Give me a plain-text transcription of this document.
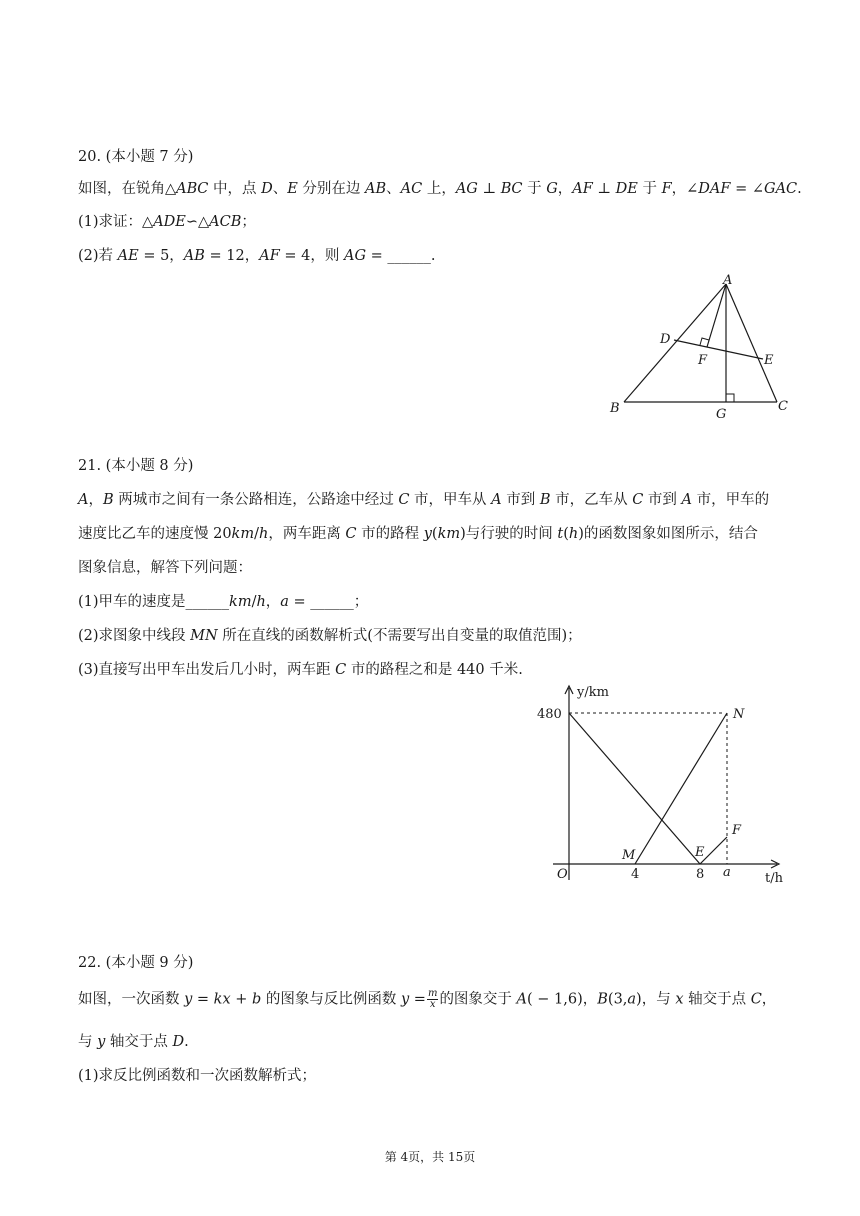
20. (本小题 7 分)
如图，在锐角△𝐴𝐵𝐶 中，点 𝐷、𝐸 分别在边 𝐴𝐵、𝐴𝐶 上，𝐴𝐺 ⊥ 𝐵𝐶 于 𝐺，𝐴𝐹 ⊥ 𝐷𝐸 于 𝐹，∠𝐷𝐴𝐹 = ∠𝐺𝐴𝐶.
(1)求证：△𝐴𝐷𝐸∽△𝐴𝐶𝐵；
(2)若 𝐴𝐸 = 5，𝐴𝐵 = 12，𝐴𝐹 = 4，则 𝐴𝐺 = ______.
A
D
F	E
B	G
C
21. (本小题 8 分)
𝐴，𝐵 两城市之间有一条公路相连，公路途中经过 𝐶 市，甲车从 𝐴 市到 𝐵 市，乙车从 𝐶 市到 𝐴 市，甲车的
速度比乙车的速度慢 20𝑘𝑚/ℎ，两车距离 𝐶 市的路程 𝑦(𝑘𝑚)与行驶的时间 𝑡(ℎ)的函数图象如图所示，结合
图象信息，解答下列问题：
(1)甲车的速度是______𝑘𝑚/ℎ，𝑎 = ______；
(2)求图象中线段 𝑀𝑁 所在直线的函数解析式(不需要写出自变量的取值范围)；
(3)直接写出甲车出发后几小时，两车距 𝐶 市的路程之和是 440 千米.
y/km
t/h
O
480
4	8 a
M
N
E
F
22. (本小题 9 分)
如图，一次函数 𝑦 = 𝑘𝑥 + 𝑏 的图象与反比例函数 𝑦 = $\frac{\text{𝑚}}{\text{𝑥}}$ 的图象交于 𝐴( − 1,6)，𝐵(3,𝑎)，与 𝑥 轴交于点 𝐶，
与 𝑦 轴交于点 𝐷.
(1)求反比例函数和一次函数解析式；
第 4页，共 15页
